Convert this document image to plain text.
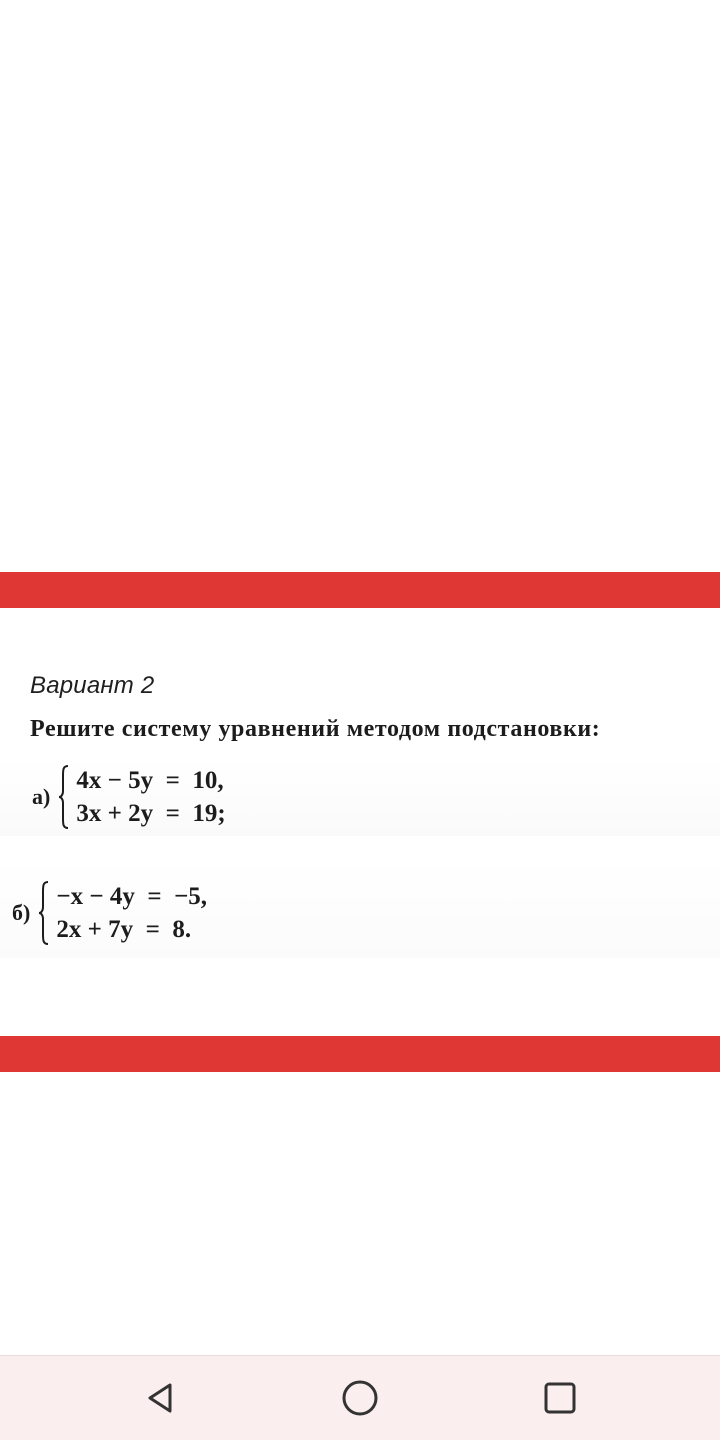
Вариант 2
Решите систему уравнений методом подстановки:
а)
4x − 5y  =  10,
3x + 2y  =  19;
б)
−x − 4y  =  −5,
2x + 7y  =  8.
